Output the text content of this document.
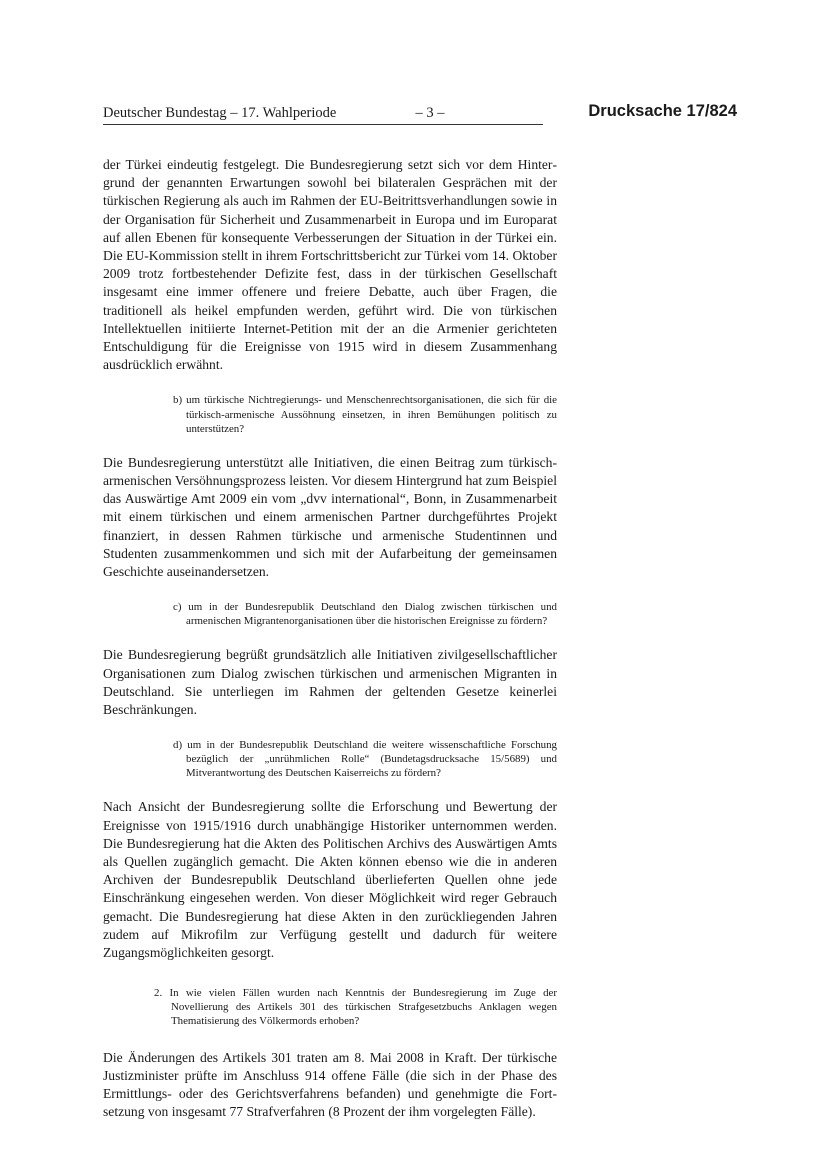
Deutscher Bundestag – 17. Wahlperiode	– 3 –	Drucksache 17/824

der Türkei eindeutig festgelegt. Die Bundesregierung setzt sich vor dem Hintergrund der genannten Erwartungen sowohl bei bilateralen Gesprächen mit der türkischen Regierung als auch im Rahmen der EU-Beitrittsverhandlungen sowie in der Organisation für Sicherheit und Zusammenarbeit in Europa und im Europarat auf allen Ebenen für konsequente Verbesserungen der Situation in der Türkei ein. Die EU-Kommission stellt in ihrem Fortschrittsbericht zur Türkei vom 14. Oktober 2009 trotz fortbestehender Defizite fest, dass in der türkischen Gesellschaft insgesamt eine immer offenere und freiere Debatte, auch über Fragen, die traditionell als heikel empfunden werden, geführt wird. Die von türkischen Intellektuellen initiierte Internet-Petition mit der an die Armenier gerichteten Entschuldigung für die Ereignisse von 1915 wird in diesem Zusammenhang ausdrücklich erwähnt.

b) um türkische Nichtregierungs- und Menschenrechtsorganisationen, die sich für die türkisch-armenische Aussöhnung einsetzen, in ihren Bemühungen politisch zu unterstützen?

Die Bundesregierung unterstützt alle Initiativen, die einen Beitrag zum türkisch-armenischen Versöhnungsprozess leisten. Vor diesem Hintergrund hat zum Beispiel das Auswärtige Amt 2009 ein vom „dvv international“, Bonn, in Zusammenarbeit mit einem türkischen und einem armenischen Partner durchgeführtes Projekt finanziert, in dessen Rahmen türkische und armenische Studentinnen und Studenten zusammenkommen und sich mit der Aufarbeitung der gemeinsamen Geschichte auseinandersetzen.

c) um in der Bundesrepublik Deutschland den Dialog zwischen türkischen und armenischen Migrantenorganisationen über die historischen Ereignisse zu fördern?

Die Bundesregierung begrüßt grundsätzlich alle Initiativen zivilgesellschaftlicher Organisationen zum Dialog zwischen türkischen und armenischen Migranten in Deutschland. Sie unterliegen im Rahmen der geltenden Gesetze keinerlei Beschränkungen.

d) um in der Bundesrepublik Deutschland die weitere wissenschaftliche Forschung bezüglich der „unrühmlichen Rolle“ (Bundetagsdrucksache 15/5689) und Mitverantwortung des Deutschen Kaiserreichs zu fördern?

Nach Ansicht der Bundesregierung sollte die Erforschung und Bewertung der Ereignisse von 1915/1916 durch unabhängige Historiker unternommen werden. Die Bundesregierung hat die Akten des Politischen Archivs des Auswärtigen Amts als Quellen zugänglich gemacht. Die Akten können ebenso wie die in anderen Archiven der Bundesrepublik Deutschland überlieferten Quellen ohne jede Einschränkung eingesehen werden. Von dieser Möglichkeit wird reger Gebrauch gemacht. Die Bundesregierung hat diese Akten in den zurückliegenden Jahren zudem auf Mikrofilm zur Verfügung gestellt und dadurch für weitere Zugangsmöglichkeiten gesorgt.

2. In wie vielen Fällen wurden nach Kenntnis der Bundesregierung im Zuge der Novellierung des Artikels 301 des türkischen Strafgesetzbuchs Anklagen wegen Thematisierung des Völkermords erhoben?

Die Änderungen des Artikels 301 traten am 8. Mai 2008 in Kraft. Der türkische Justizminister prüfte im Anschluss 914 offene Fälle (die sich in der Phase des Ermittlungs- oder des Gerichtsverfahrens befanden) und genehmigte die Fortsetzung von insgesamt 77 Strafverfahren (8 Prozent der ihm vorgelegten Fälle).
